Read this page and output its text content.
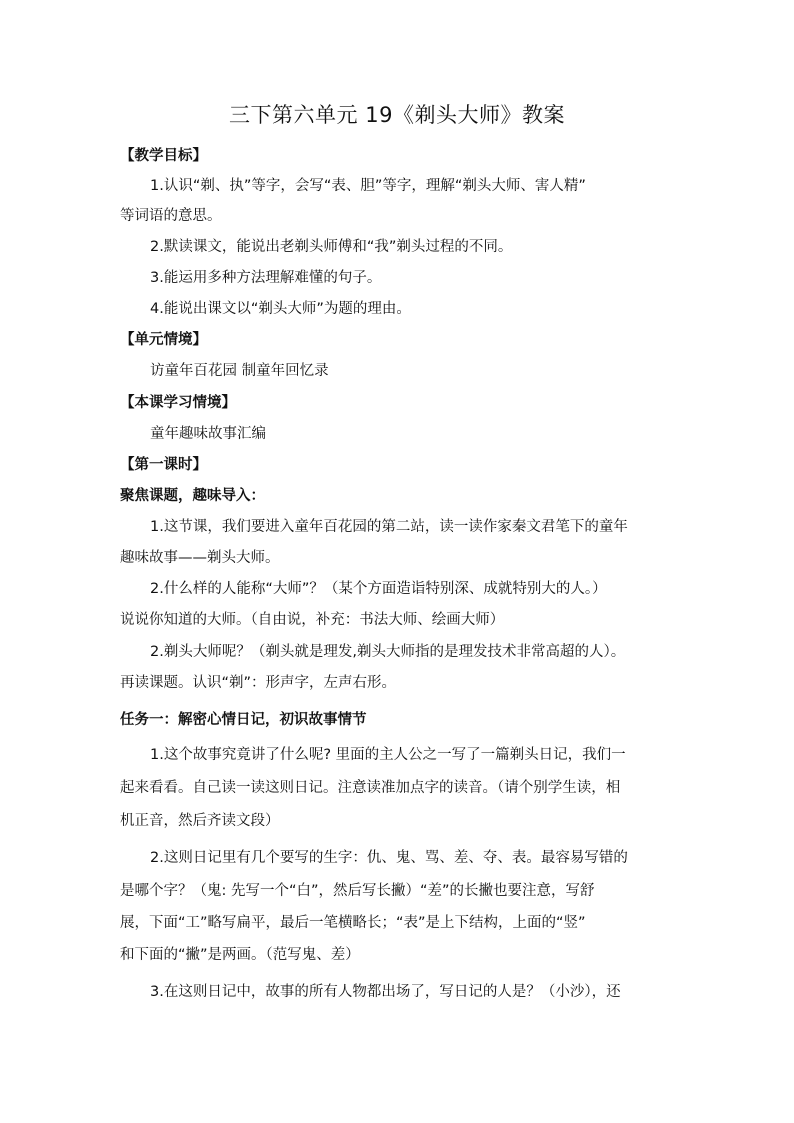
三下第六单元 19《剃头大师》教案
【教学目标】
1.认识“剃、执”等字，会写“表、胆”等字，理解“剃头大师、害人精”
等词语的意思。
2.默读课文，能说出老剃头师傅和“我”剃头过程的不同。
3.能运用多种方法理解难懂的句子。
4.能说出课文以“剃头大师”为题的理由。
【单元情境】
访童年百花园 制童年回忆录
【本课学习情境】
童年趣味故事汇编
【第一课时】
聚焦课题，趣味导入：
1.这节课，我们要进入童年百花园的第二站，读一读作家秦文君笔下的童年
趣味故事——剃头大师。
2.什么样的人能称“大师”？（某个方面造诣特别深、成就特别大的人。）
说说你知道的大师。（自由说，补充：书法大师、绘画大师）
2.剃头大师呢？（剃头就是理发,剃头大师指的是理发技术非常高超的人）。
再读课题。认识“剃”：形声字，左声右形。
任务一：解密心情日记，初识故事情节
1.这个故事究竟讲了什么呢? 里面的主人公之一写了一篇剃头日记，我们一
起来看看。自己读一读这则日记。注意读准加点字的读音。（请个别学生读，相
机正音，然后齐读文段）
2.这则日记里有几个要写的生字：仇、鬼、骂、差、夺、表。最容易写错的
是哪个字？（鬼: 先写一个“白”，然后写长撇）“差”的长撇也要注意，写舒
展，下面“工”略写扁平，最后一笔横略长；“表”是上下结构，上面的“竖”
和下面的“撇”是两画。（范写鬼、差）
3.在这则日记中，故事的所有人物都出场了，写日记的人是？（小沙），还
